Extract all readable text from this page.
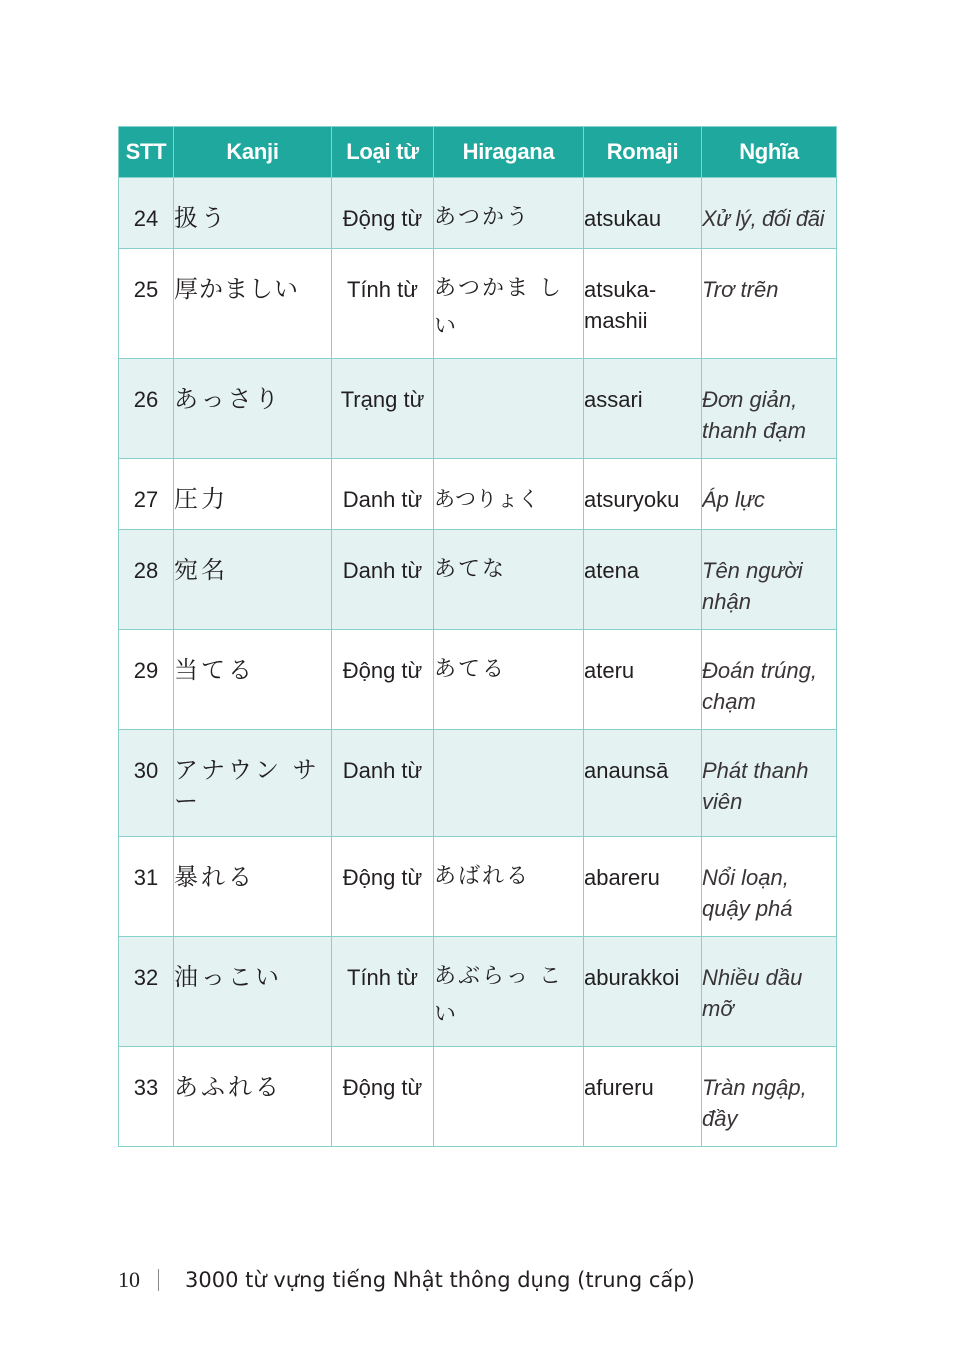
STT	Kanji	Loại từ	Hiragana	Romaji	Nghĩa
24	扱う	Động từ	あつかう	atsukau	Xử lý, đối đãi
25	厚かましい	Tính từ	あつかま しい	atsuka- mashii	Trơ trẽn
26	あっさり	Trạng từ		assari	Đơn giản, thanh đạm
27	圧力	Danh từ	あつりょく	atsuryoku	Áp lực
28	宛名	Danh từ	あてな	atena	Tên người nhận
29	当てる	Động từ	あてる	ateru	Đoán trúng, chạm
30	アナウン サー	Danh từ		anaunsā	Phát thanh viên
31	暴れる	Động từ	あばれる	abareru	Nổi loạn, quậy phá
32	油っこい	Tính từ	あぶらっ こい	aburakkoi	Nhiều dầu mỡ
33	あふれる	Động từ		afureru	Tràn ngập, đầy
10 3000 từ vựng tiếng Nhật thông dụng (trung cấp)
